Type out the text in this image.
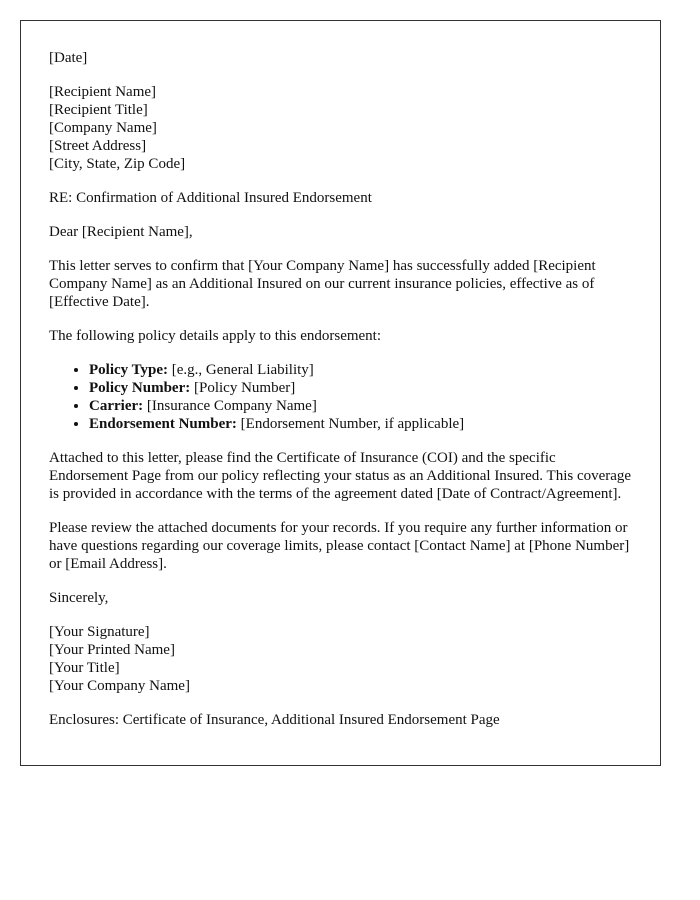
[Date]

[Recipient Name]
[Recipient Title]
[Company Name]
[Street Address]
[City, State, Zip Code]

RE: Confirmation of Additional Insured Endorsement

Dear [Recipient Name],

This letter serves to confirm that [Your Company Name] has successfully added [Recipient Company Name] as an Additional Insured on our current insurance policies, effective as of [Effective Date].

The following policy details apply to this endorsement:

• Policy Type: [e.g., General Liability]
• Policy Number: [Policy Number]
• Carrier: [Insurance Company Name]
• Endorsement Number: [Endorsement Number, if applicable]

Attached to this letter, please find the Certificate of Insurance (COI) and the specific Endorsement Page from our policy reflecting your status as an Additional Insured. This coverage is provided in accordance with the terms of the agreement dated [Date of Contract/Agreement].

Please review the attached documents for your records. If you require any further information or have questions regarding our coverage limits, please contact [Contact Name] at [Phone Number] or [Email Address].

Sincerely,

[Your Signature]
[Your Printed Name]
[Your Title]
[Your Company Name]

Enclosures: Certificate of Insurance, Additional Insured Endorsement Page
